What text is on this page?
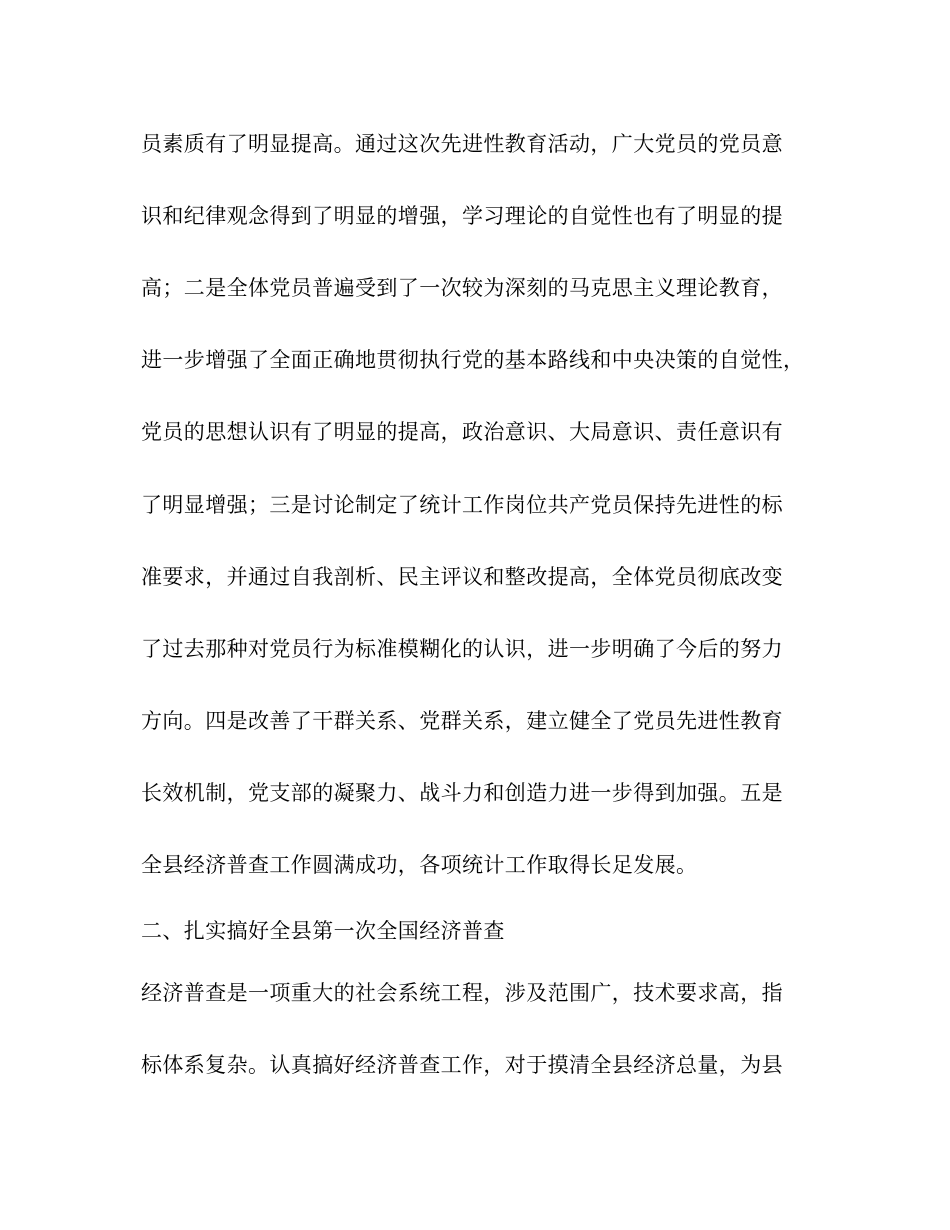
员素质有了明显提高。通过这次先进性教育活动，广大党员的党员意
识和纪律观念得到了明显的增强，学习理论的自觉性也有了明显的提
高；二是全体党员普遍受到了一次较为深刻的马克思主义理论教育，
进一步增强了全面正确地贯彻执行党的基本路线和中央决策的自觉性，
党员的思想认识有了明显的提高，政治意识、大局意识、责任意识有
了明显增强；三是讨论制定了统计工作岗位共产党员保持先进性的标
准要求，并通过自我剖析、民主评议和整改提高，全体党员彻底改变
了过去那种对党员行为标准模糊化的认识，进一步明确了今后的努力
方向。四是改善了干群关系、党群关系，建立健全了党员先进性教育
长效机制，党支部的凝聚力、战斗力和创造力进一步得到加强。五是
全县经济普查工作圆满成功，各项统计工作取得长足发展。
二、扎实搞好全县第一次全国经济普查
经济普查是一项重大的社会系统工程，涉及范围广，技术要求高，指
标体系复杂。认真搞好经济普查工作，对于摸清全县经济总量，为县
